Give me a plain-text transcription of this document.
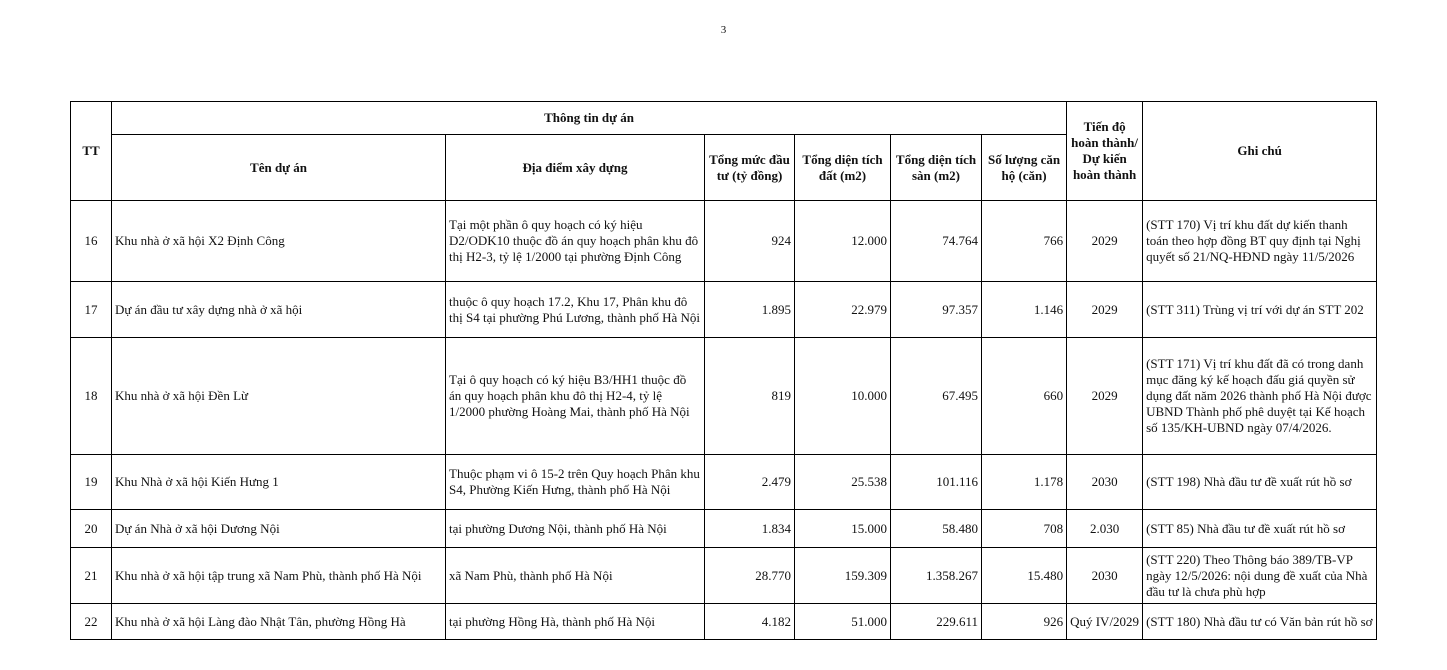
3
TT	Thông tin dự án						Tiến độ hoàn thành/ Dự kiến hoàn thành	Ghi chú
	Tên dự án	Địa điểm xây dựng	Tổng mức đầu tư (tỷ đồng)	Tổng diện tích đất (m2)	Tổng diện tích sàn (m2)	Số lượng căn hộ (căn)		
16	Khu nhà ở xã hội X2 Định Công	Tại một phần ô quy hoạch có ký hiệu D2/ODK10 thuộc đồ án quy hoạch phân khu đô thị H2-3, tỷ lệ 1/2000 tại phường Định Công	924	12.000	74.764	766	2029	(STT 170) Vị trí khu đất dự kiến thanh toán theo hợp đồng BT quy định tại Nghị quyết số 21/NQ-HĐND ngày 11/5/2026
17	Dự án đầu tư xây dựng nhà ở xã hội	thuộc ô quy hoạch 17.2, Khu 17, Phân khu đô thị S4 tại phường Phú Lương, thành phố Hà Nội	1.895	22.979	97.357	1.146	2029	(STT 311) Trùng vị trí với dự án STT 202
18	Khu nhà ở xã hội Đền Lừ	Tại ô quy hoạch có ký hiệu B3/HH1 thuộc đồ án quy hoạch phân khu đô thị H2-4, tỷ lệ 1/2000 phường Hoàng Mai, thành phố Hà Nội	819	10.000	67.495	660	2029	(STT 171) Vị trí khu đất đã có trong danh mục đăng ký kế hoạch đấu giá quyền sử dụng đất năm 2026 thành phố Hà Nội được UBND Thành phố phê duyệt tại Kế hoạch số 135/KH-UBND ngày 07/4/2026.
19	Khu Nhà ở xã hội Kiến Hưng 1	Thuộc phạm vi ô 15-2 trên Quy hoạch Phân khu S4, Phường Kiến Hưng, thành phố Hà Nội	2.479	25.538	101.116	1.178	2030	(STT 198) Nhà đầu tư đề xuất rút hồ sơ
20	Dự án Nhà ở xã hội Dương Nội	tại phường Dương Nội, thành phố Hà Nội	1.834	15.000	58.480	708	2.030	(STT 85) Nhà đầu tư đề xuất rút hồ sơ
21	Khu nhà ở xã hội tập trung xã Nam Phù, thành phố Hà Nội	xã Nam Phù, thành phố Hà Nội	28.770	159.309	1.358.267	15.480	2030	(STT 220) Theo Thông báo 389/TB-VP ngày 12/5/2026: nội dung đề xuất của Nhà đầu tư là chưa phù hợp
22	Khu nhà ở xã hội Làng đào Nhật Tân, phường Hồng Hà	tại phường Hồng Hà, thành phố Hà Nội	4.182	51.000	229.611	926	Quý IV/2029	(STT 180) Nhà đầu tư có Văn bản rút hồ sơ
